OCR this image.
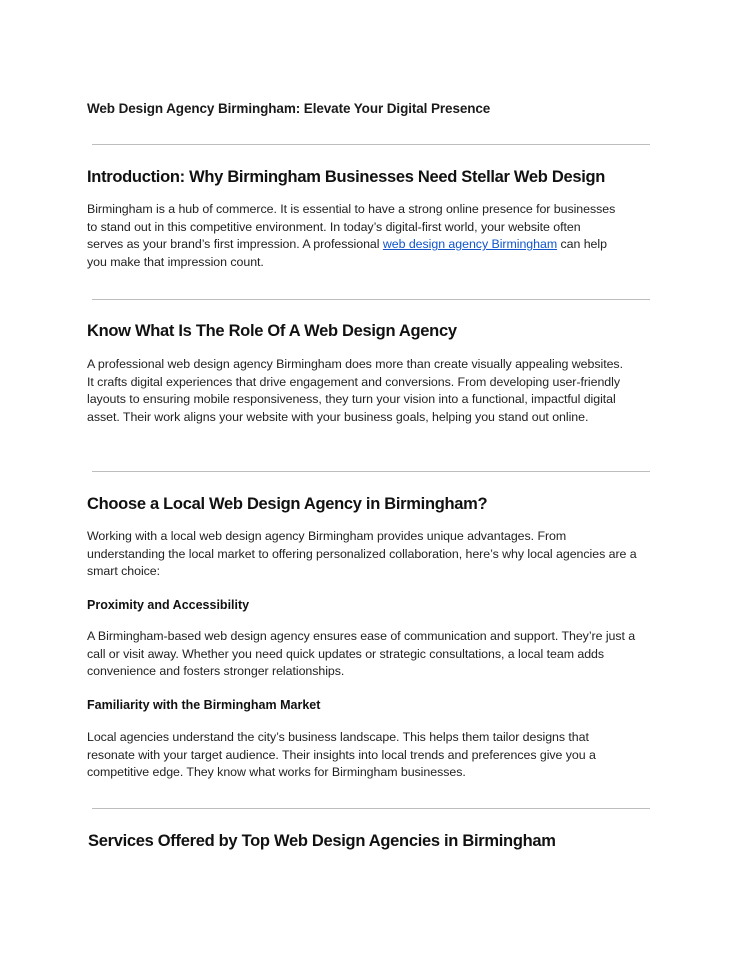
Web Design Agency Birmingham: Elevate Your Digital Presence

Introduction: Why Birmingham Businesses Need Stellar Web Design

Birmingham is a hub of commerce. It is essential to have a strong online presence for businesses to stand out in this competitive environment. In today’s digital-first world, your website often serves as your brand’s first impression. A professional web design agency Birmingham can help you make that impression count.

Know What Is The Role Of A Web Design Agency

A professional web design agency Birmingham does more than create visually appealing websites. It crafts digital experiences that drive engagement and conversions. From developing user-friendly layouts to ensuring mobile responsiveness, they turn your vision into a functional, impactful digital asset. Their work aligns your website with your business goals, helping you stand out online.

Choose a Local Web Design Agency in Birmingham?

Working with a local web design agency Birmingham provides unique advantages. From understanding the local market to offering personalized collaboration, here’s why local agencies are a smart choice:

Proximity and Accessibility

A Birmingham-based web design agency ensures ease of communication and support. They’re just a call or visit away. Whether you need quick updates or strategic consultations, a local team adds convenience and fosters stronger relationships.

Familiarity with the Birmingham Market

Local agencies understand the city’s business landscape. This helps them tailor designs that resonate with your target audience. Their insights into local trends and preferences give you a competitive edge. They know what works for Birmingham businesses.

Services Offered by Top Web Design Agencies in Birmingham
